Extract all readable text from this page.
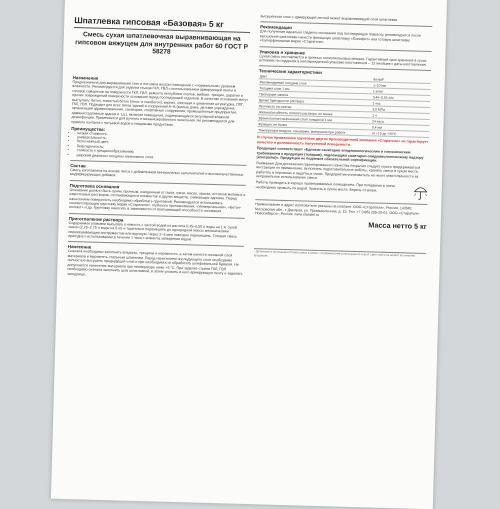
Шпатлевка гипсовая «Базовая» 5 кг
Смесь сухая шпатлевочная выравнивающая на гипсовом вяжущем для внутренних работ 60 ГОСТ Р 58278

Назначение

Предназначена для выравнивания стен и потолков внутри помещений с «нормальным» уровнем влажности. Рекомендуется для заделки стыков ГКЛ, ГВЛ с использованием армирующей ленты и головок саморезов на поверхности ГКЛ, ГВЛ, ремонта неглубоких сколов, выбоин, трещин, царапин и прочих повреждений поверхности основания перед последующей отделкой. В качестве основания могут выступать: бетон, ячеистый бетон (пено- и газобетон), кирпич, гипсовая и цементная штукатурка, ППГ, ГКЛ, ГВЛ. Подходит для всех типов зданий и сооружений А–В (жилые дома, детские учреждения, организации здравоохранения, санатории, спортивные сооружения, промышленные предприятия, административные здания и т.д.), включая помещения, подвергающиеся регулярной влажной дезинфекции. Применяется для ручного и механизированного нанесения. Не рекомендуется для прямого контакта с питьевой водой и пищевыми продуктами.

Преимущества:

• низкая стоимость;
• универсальность;
• белоснежный цвет;
• безусадочность;
• стойкость к трещинообразованию;
• широкий диапазон толщины нанесимого слоя.

Состав

Смесь изготовлена на основе гипса с добавлением минеральных наполнителей и высококачественных модифицирующих добавок.

Подготовка основания

Основание должно быть сухим, прочным, очищенным от пыли, грязи, масел, краски, остатков мелевых и известковых растворов, отслаивающихся элементов и других веществ, снижающих адгезию. Перед нанесением поверхность необходимо обработать грунтовкой. Рекомендуется использовать соответствующую грунтовку марки «Старатели»: глубокого проникновения, «Универсальная», «Бетон-контакт» и др. Грунтовку наносить в зависимости от впитывающей способности основания.

Приготовление раствора

Содержимое упаковки высыпать в емкость с чистой водой из расчета 0,45–0,55 л воды на 1 кг сухой смеси (2,25–2,75 л воды на 5 кг) и тщательно перемешать до однородной массы механическим перемешивающим инструментом или вручную. Через 2–3 мин повторно перемешать. Готовая смесь пригодна к использованию в течение 1 часа с момента затворения водой.

Нанесение

Сначала необходимо заполнить впадины, трещины и неровности, а затем нанести основной слой материала и выровнять стальным шпателем. Перед нанесением последующего слоя необходимо полностью высушить предыдущий слой и при необходимости обработать шлифовальной бумагой. Не допускается нанесение материала при температуре ниже +5 °С. При заделке стыков ГКЛ, ГВЛ необходимо сначала заполнить шов шпатлевкой, в затем уложить в него армирующую ленту и заделать заподлицо.

высушенном слое с армирующей лентой может выравнивающий слой шпатлевки.

Рекомендации

Для получения идеально гладкого основания под последующую покраску, рекомендуется после высыхания шпатлевки нанести финишную шпатлевку «Полифит» или готовую шпатлевку «Суперфинишная марки «Старатели».

Упаковка и хранение

Сухая смесь поставляется в прочных полиэтиленовых мешках. Гарантийный срок хранения в сухих условиях на поддонах в неповрежденной упаковке изготовителя – 12 месяцев с даты изготовления.

Технические характеристики

Цвет	белый*
Рекомендуемая толщина слоя	1–10 мм
Толщина слоя 1 мм	1 кг/м²
Пропорция замеса	0,45–0,55 л/кг
Время пригодности раствора	1 час
Прочность на сжатие	3,0 МПа
Жизнеспособность готового раствора, не менее	1 ч
Время полного высыхания слоя толщиной 1 мм	24 часа
Фракция, не более	0,4 мм
Температура воздуха, основания, материала при работе	от +10 до +30°С

В случае применения грунтовок других производителей компания «Старатели» не гарантирует качество и долговечность полученной поверхности.

Продукция соответствует «Единым санитарно-эпидемиологическим и гигиеническим требованиям к продукции (товарам), подлежащим санитарно-эпидемиологическому надзору (контролю)». Продукция не подлежит обязательной сертификации.

Внимание! Для достижения гарантированного качества покрытия следует строго придерживаться инструкции по применению, выполнять подготовительные работы, хранить смеси в сухом месте, работать в перчатках и защитных очках. Предприятие-изготовитель не несет ответственности за неправильное использование смеси.

Работы проводить в хорошо проветриваемых помещениях. При попадании в глаза необходимо промыть их водой. Хранить в сухом месте. Беречь от влаги.

Наименование и адрес изготовителя указаны на клапане. ООО «Старатели», Россия, 143581 Московская обл., г. Дмитров, ул. Промышленная, д. 15. Тел. +7 (495) 255-20-01. ООО «Старатели-Новосибирск», Россия. www.staratel.ru

Масса нетто 5 кг

* Допускается отклонение оттенка смеси в связи с особенностями используемого сырья. Цвет смеси не влияет на качество продукции.
